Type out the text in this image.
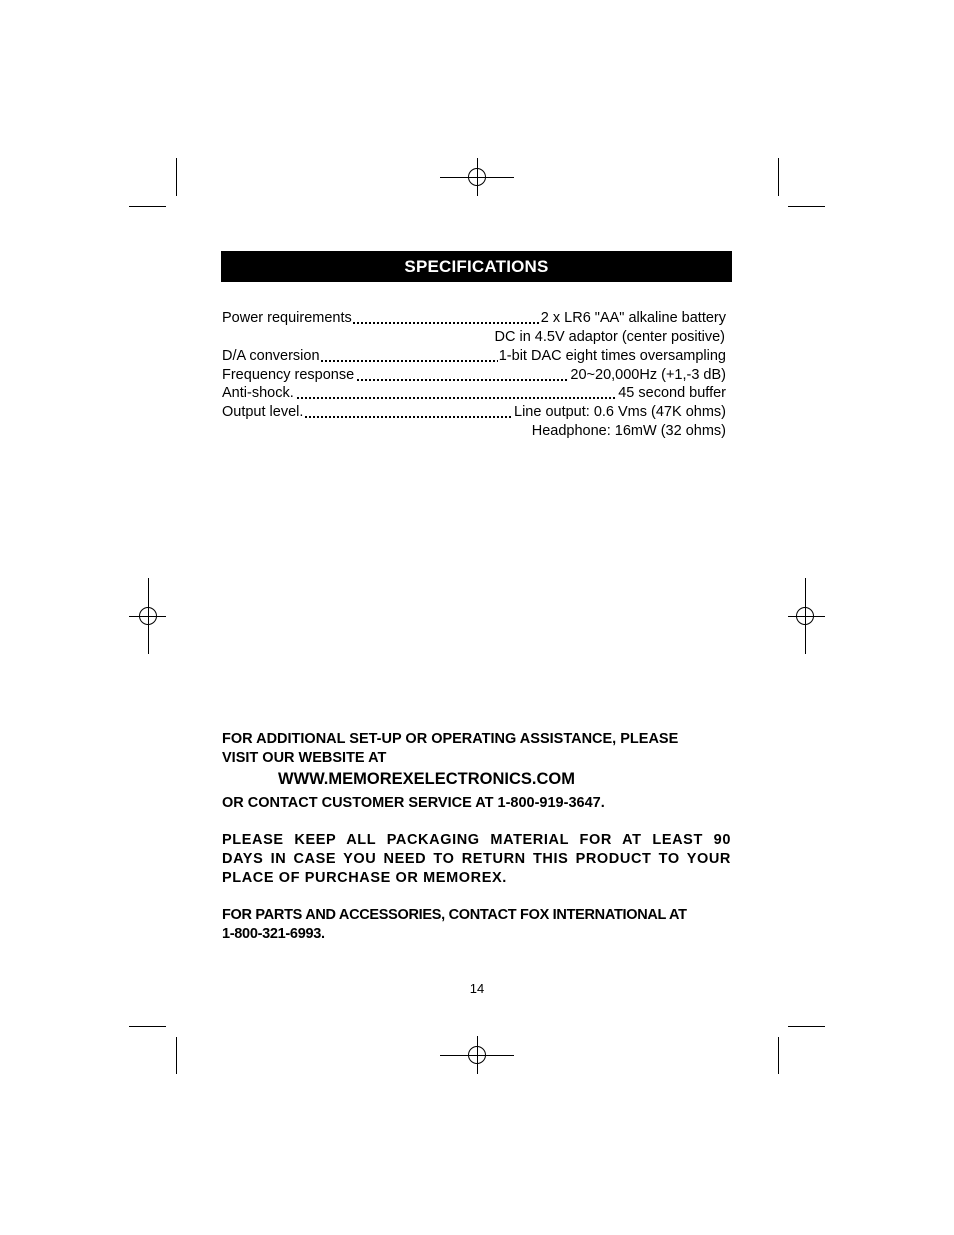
SPECIFICATIONS
Power requirements	2 x LR6 "AA" alkaline battery
DC in 4.5V adaptor (center positive)
D/A conversion	1-bit DAC eight times oversampling
Frequency response	20~20,000Hz (+1,-3 dB)
Anti-shock.	45 second buffer
Output level.	Line output: 0.6 Vms (47K ohms)
Headphone: 16mW (32 ohms)
FOR ADDITIONAL SET-UP OR OPERATING ASSISTANCE, PLEASE
VISIT OUR WEBSITE AT
WWW.MEMOREXELECTRONICS.COM
OR CONTACT CUSTOMER SERVICE AT 1-800-919-3647.
PLEASE KEEP ALL PACKAGING MATERIAL FOR AT LEAST 90
DAYS IN CASE YOU NEED TO RETURN THIS PRODUCT TO YOUR
PLACE OF PURCHASE OR MEMOREX.
FOR PARTS AND ACCESSORIES, CONTACT FOX INTERNATIONAL AT
1-800-321-6993.
14
